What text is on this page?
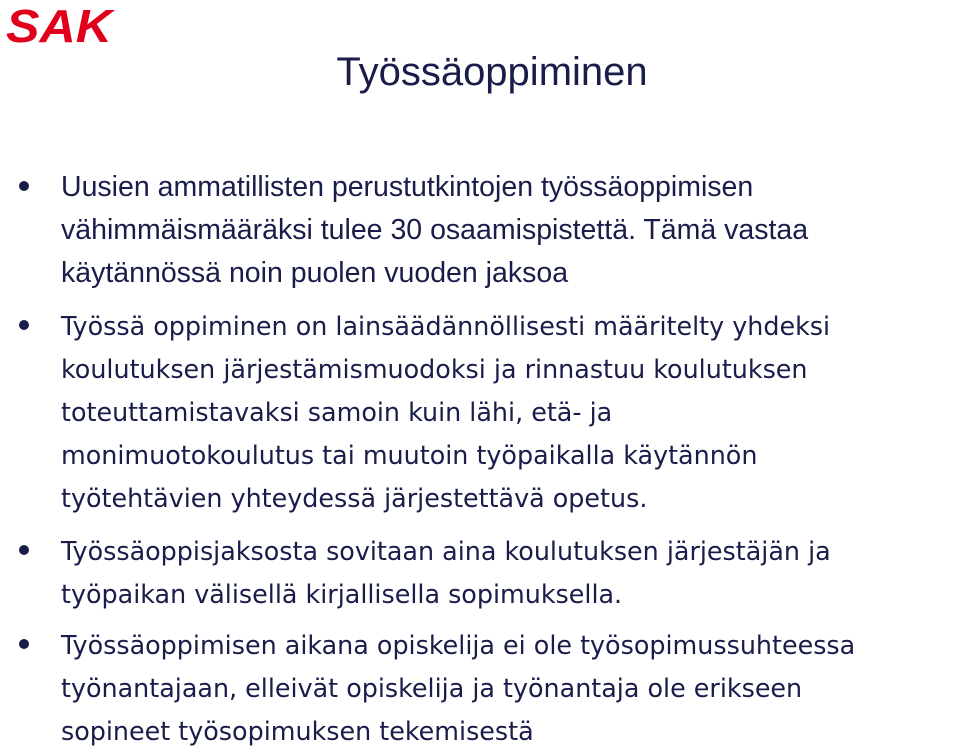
SAK
Työssäoppiminen
Uusien ammatillisten perustutkintojen työssäoppimisen
vähimmäismääräksi tulee 30 osaamispistettä. Tämä vastaa
käytännössä noin puolen vuoden jaksoa
Työssä oppiminen on lainsäädännöllisesti määritelty yhdeksi
koulutuksen järjestämismuodoksi ja rinnastuu koulutuksen
toteuttamistavaksi samoin kuin lähi, etä- ja
monimuotokoulutus tai muutoin työpaikalla käytännön
työtehtävien yhteydessä järjestettävä opetus.
Työssäoppisjaksosta sovitaan aina koulutuksen järjestäjän ja
työpaikan välisellä kirjallisella sopimuksella.
Työssäoppimisen aikana opiskelija ei ole työsopimussuhteessa
työnantajaan, elleivät opiskelija ja työnantaja ole erikseen
sopineet työsopimuksen tekemisestä
